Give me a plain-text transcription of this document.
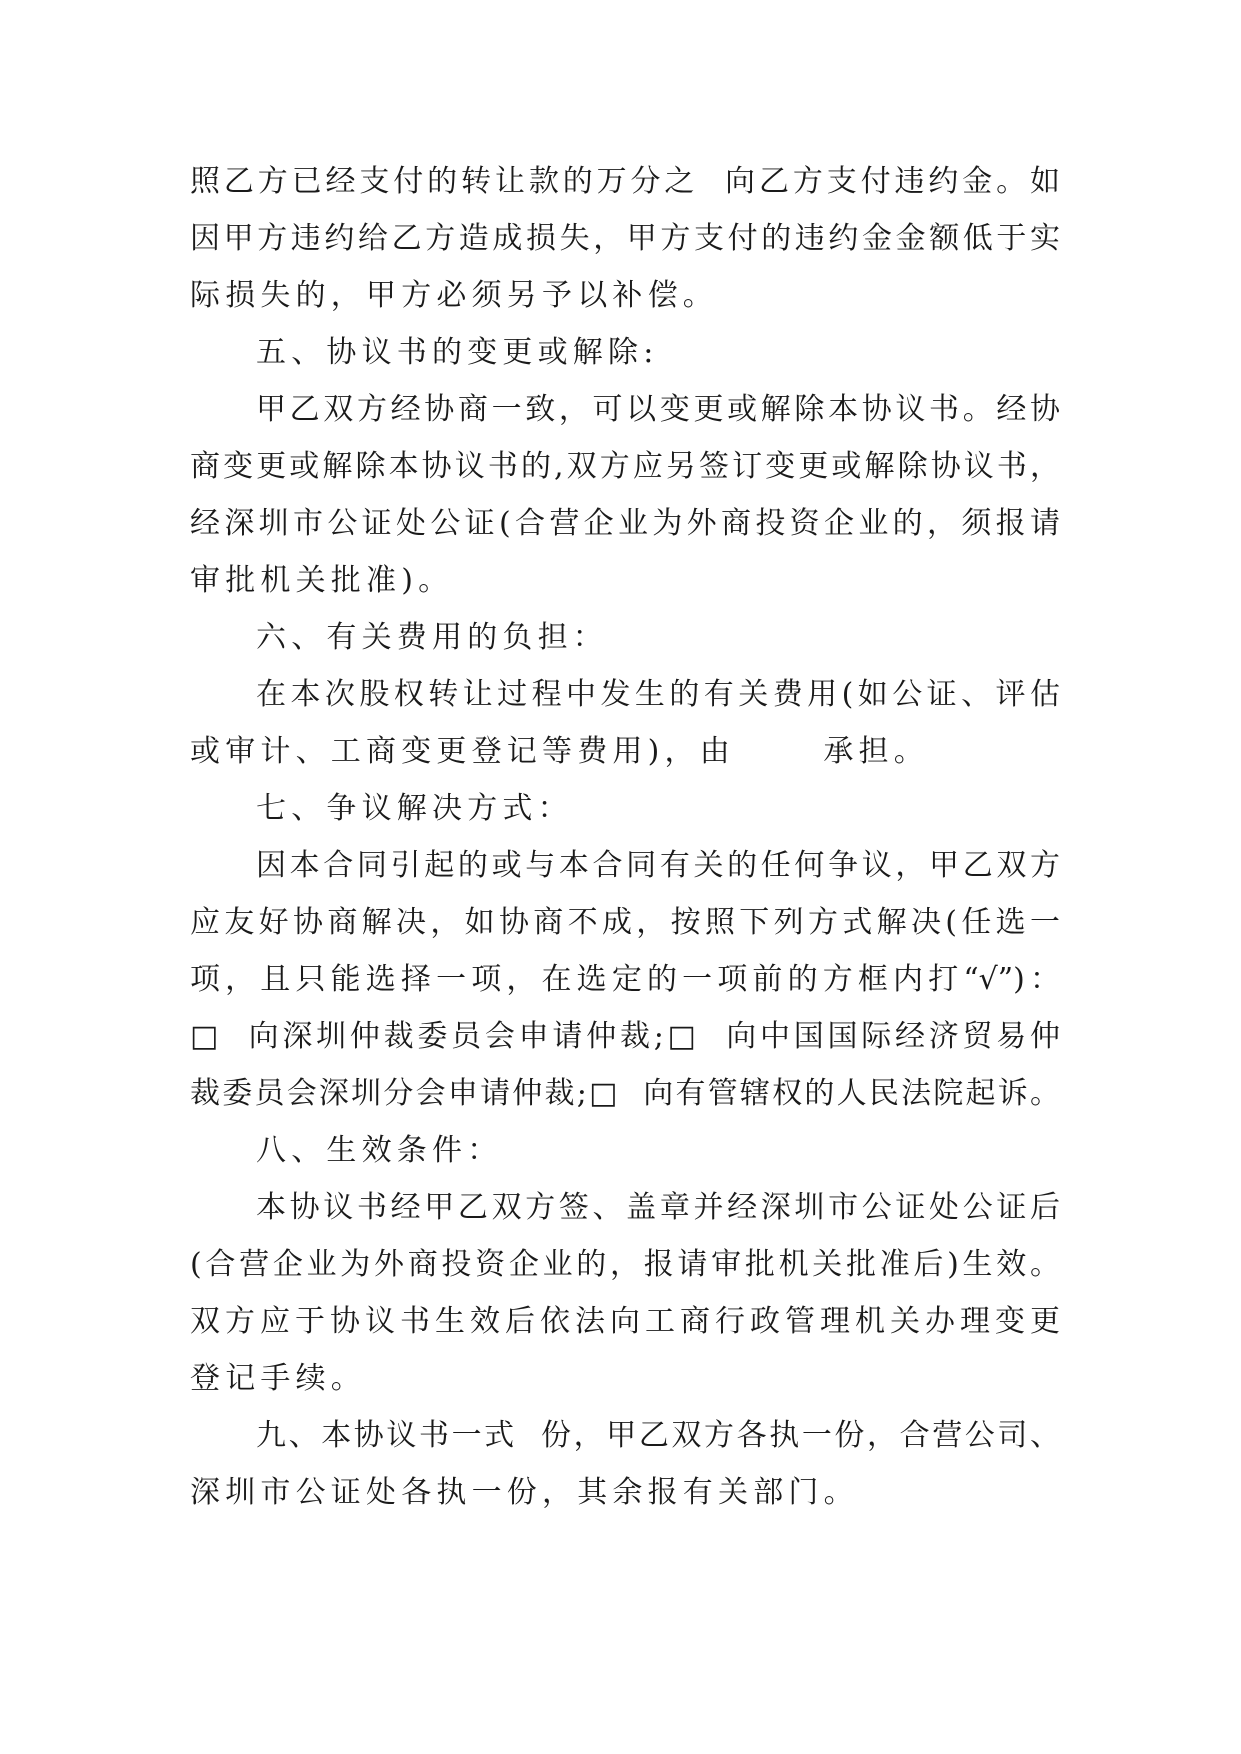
照乙方已经支付的转让款的万分之  向乙方支付违约金。如
因甲方违约给乙方造成损失，甲方支付的违约金金额低于实
际损失的，甲方必须另予以补偿。
五、协议书的变更或解除:
甲乙双方经协商一致，可以变更或解除本协议书。经协
商变更或解除本协议书的,双方应另签订变更或解除协议书，
经深圳市公证处公证(合营企业为外商投资企业的，须报请
审批机关批准)。
六、有关费用的负担：
在本次股权转让过程中发生的有关费用(如公证、评估
或审计、工商变更登记等费用)，由      承担。
七、争议解决方式：
因本合同引起的或与本合同有关的任何争议，甲乙双方
应友好协商解决，如协商不成，按照下列方式解决(任选一
项，且只能选择一项，在选定的一项前的方框内打“√”)：
□  向深圳仲裁委员会申请仲裁;□  向中国国际经济贸易仲
裁委员会深圳分会申请仲裁;□  向有管辖权的人民法院起诉。
八、生效条件：
本协议书经甲乙双方签、盖章并经深圳市公证处公证后
(合营企业为外商投资企业的，报请审批机关批准后)生效。
双方应于协议书生效后依法向工商行政管理机关办理变更
登记手续。
九、本协议书一式  份，甲乙双方各执一份，合营公司、
深圳市公证处各执一份，其余报有关部门。
